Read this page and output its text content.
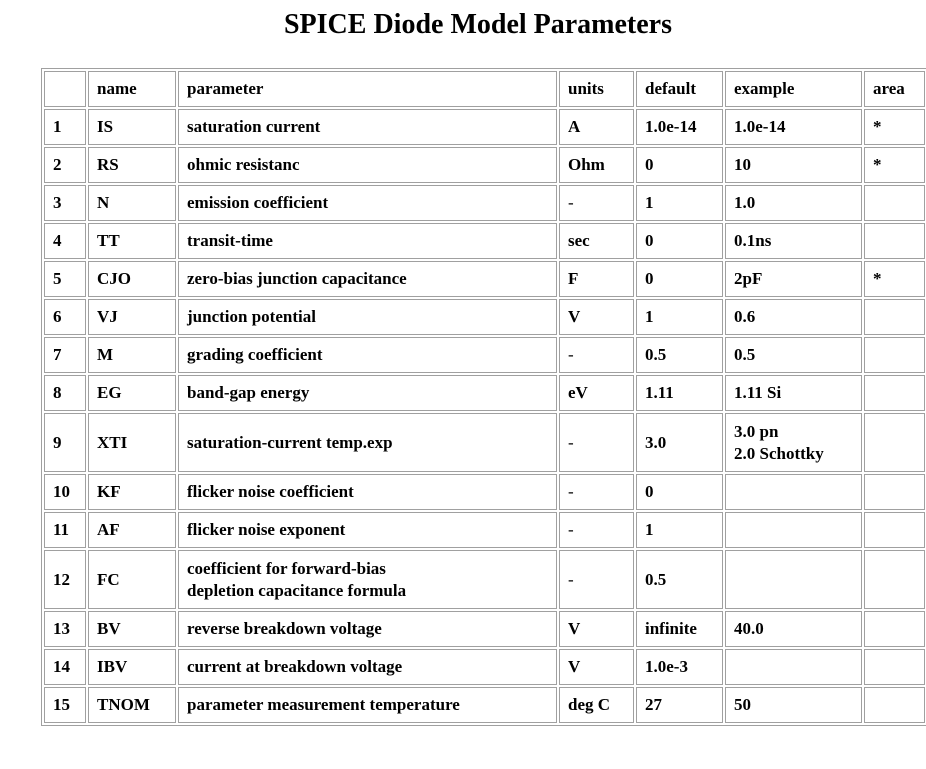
SPICE Diode Model Parameters
	name	parameter	units	default	example	area
1	IS	saturation current	A	1.0e-14	1.0e-14	*
2	RS	ohmic resistanc	Ohm	0	10	*
3	N	emission coefficient	-	1	1.0	

4	TT	transit-time	sec	0	0.1ns	

5	CJO	zero-bias junction capacitance	F	0	2pF	*
6	VJ	junction potential	V	1	0.6	

7	M	grading coefficient	-	0.5	0.5	

8	EG	band-gap energy	eV	1.11	1.11 Si	

9	XTI	saturation-current temp.exp	-	3.0	3.0 pn
2.0 Schottky	

10	KF	flicker noise coefficient	-	0	

11	AF	flicker noise exponent	-	1	

12	FC	coefficient for forward-bias
depletion capacitance formula	-	0.5	

13	BV	reverse breakdown voltage	V	infinite	40.0	

14	IBV	current at breakdown voltage	V	1.0e-3	

15	TNOM	parameter measurement temperature	deg C	27	50	
